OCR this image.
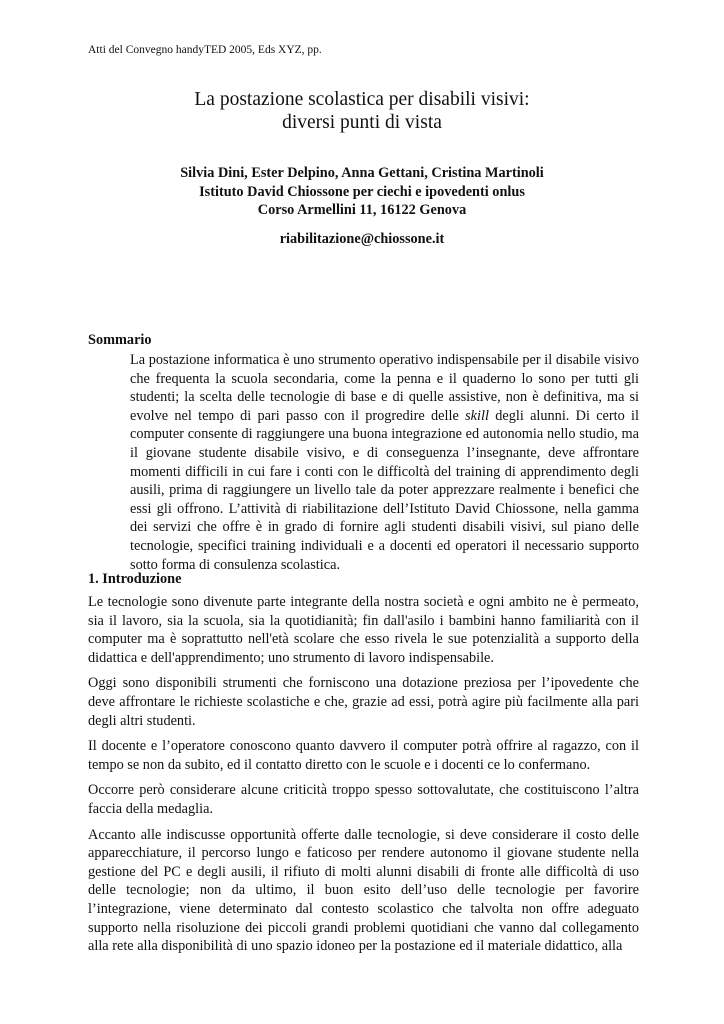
Atti del Convegno handyTED 2005, Eds XYZ, pp.
La postazione scolastica per disabili visivi:
diversi punti di vista
Silvia Dini, Ester Delpino, Anna Gettani, Cristina Martinoli
Istituto David Chiossone per ciechi e ipovedenti onlus
Corso Armellini 11, 16122 Genova
riabilitazione@chiossone.it
Sommario

La postazione informatica è uno strumento operativo indispensabile per il disabile visivo che frequenta la scuola secondaria, come la penna e il quaderno lo sono per tutti gli studenti; la scelta delle tecnologie di base e di quelle assistive, non è definitiva, ma si evolve nel tempo di pari passo con il progredire delle skill degli alunni. Di certo il computer consente di raggiungere una buona integrazione ed autonomia nello studio, ma il giovane studente disabile visivo, e di conseguenza l’insegnante, deve affrontare momenti difficili in cui fare i conti con le difficoltà del training di apprendimento degli ausili, prima di raggiungere un livello tale da poter apprezzare realmente i benefici che essi gli offrono. L’attività di riabilitazione dell’Istituto David Chiossone, nella gamma dei servizi che offre è in grado di fornire agli studenti disabili visivi, sul piano delle tecnologie, specifici training individuali e a docenti ed operatori il necessario supporto sotto forma di consulenza scolastica.

1. Introduzione

Le tecnologie sono divenute parte integrante della nostra società e ogni ambito ne è permeato, sia il lavoro, sia la scuola, sia la quotidianità; fin dall'asilo i bambini hanno familiarità con il computer ma è soprattutto nell'età scolare che esso rivela le sue potenzialità a supporto della didattica e dell'apprendimento; uno strumento di lavoro indispensabile.

Oggi sono disponibili strumenti che forniscono una dotazione preziosa per l’ipovedente che deve affrontare le richieste scolastiche e che, grazie ad essi, potrà agire più facilmente alla pari degli altri studenti.

Il docente e l’operatore conoscono quanto davvero il computer potrà offrire al ragazzo, con il tempo se non da subito, ed il contatto diretto con le scuole e i docenti ce lo confermano.

Occorre però considerare alcune criticità troppo spesso sottovalutate, che costituiscono l’altra faccia della medaglia.

Accanto alle indiscusse opportunità offerte dalle tecnologie, si deve considerare il costo delle apparecchiature, il percorso lungo e faticoso per rendere autonomo il giovane studente nella gestione del PC e degli ausili, il rifiuto di molti alunni disabili di fronte alle difficoltà di uso delle tecnologie; non da ultimo, il buon esito dell’uso delle tecnologie per favorire l’integrazione, viene determinato dal contesto scolastico che talvolta non offre adeguato supporto nella risoluzione dei piccoli grandi problemi quotidiani che vanno dal collegamento alla rete alla disponibilità di uno spazio idoneo per la postazione ed il materiale didattico, alla
